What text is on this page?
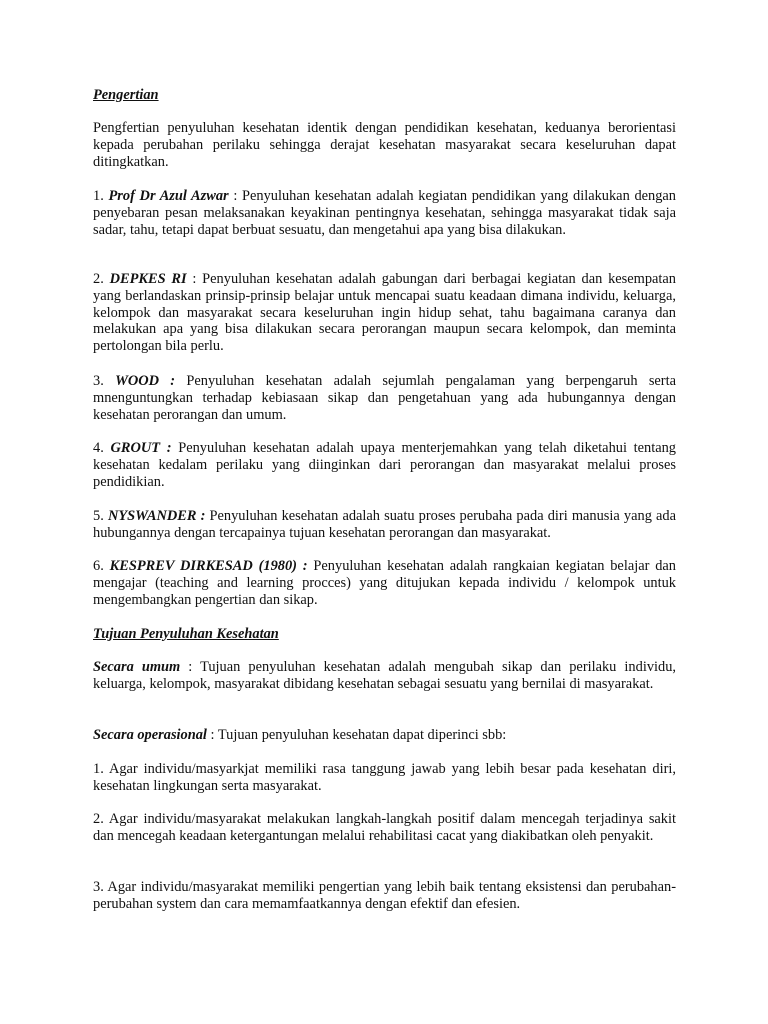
Pengertian

Pengfertian penyuluhan kesehatan identik dengan pendidikan kesehatan, keduanya berorientasi kepada perubahan perilaku sehingga derajat kesehatan masyarakat secara keseluruhan dapat ditingkatkan.

1. Prof Dr Azul Azwar : Penyuluhan kesehatan adalah kegiatan pendidikan yang dilakukan dengan penyebaran pesan melaksanakan keyakinan pentingnya kesehatan, sehingga masyarakat tidak saja sadar, tahu, tetapi dapat berbuat sesuatu, dan mengetahui apa yang bisa dilakukan.

2. DEPKES RI : Penyuluhan kesehatan adalah gabungan dari berbagai kegiatan dan kesempatan yang berlandaskan prinsip-prinsip belajar untuk mencapai suatu keadaan dimana individu, keluarga, kelompok dan masyarakat secara keseluruhan ingin hidup sehat, tahu bagaimana caranya dan melakukan apa yang bisa dilakukan secara perorangan maupun secara kelompok, dan meminta pertolongan bila perlu.

3. WOOD : Penyuluhan kesehatan adalah sejumlah pengalaman yang berpengaruh serta mnenguntungkan terhadap kebiasaan sikap dan pengetahuan yang ada hubungannya dengan kesehatan perorangan dan umum.

4. GROUT : Penyuluhan kesehatan adalah upaya menterjemahkan yang telah diketahui tentang kesehatan kedalam perilaku yang diinginkan dari perorangan dan masyarakat melalui proses pendidikian.

5. NYSWANDER : Penyuluhan kesehatan adalah suatu proses perubaha pada diri manusia yang ada hubungannya dengan tercapainya tujuan kesehatan perorangan dan masyarakat.

6. KESPREV DIRKESAD (1980) : Penyuluhan kesehatan adalah rangkaian kegiatan belajar dan mengajar (teaching and learning procces) yang ditujukan kepada individu / kelompok untuk mengembangkan pengertian dan sikap.

Tujuan Penyuluhan Kesehatan

Secara umum : Tujuan penyuluhan kesehatan adalah mengubah sikap dan perilaku individu, keluarga, kelompok, masyarakat dibidang kesehatan sebagai sesuatu yang bernilai di masyarakat.

Secara operasional : Tujuan penyuluhan kesehatan dapat diperinci sbb:

1. Agar individu/masyarkjat memiliki rasa tanggung jawab yang lebih besar pada kesehatan diri, kesehatan lingkungan serta masyarakat.

2. Agar individu/masyarakat melakukan langkah-langkah positif dalam mencegah terjadinya sakit dan mencegah keadaan ketergantungan melalui rehabilitasi cacat yang diakibatkan oleh penyakit.

3. Agar individu/masyarakat memiliki pengertian yang lebih baik tentang eksistensi dan perubahan-perubahan system dan cara memamfaatkannya dengan efektif dan efesien.
